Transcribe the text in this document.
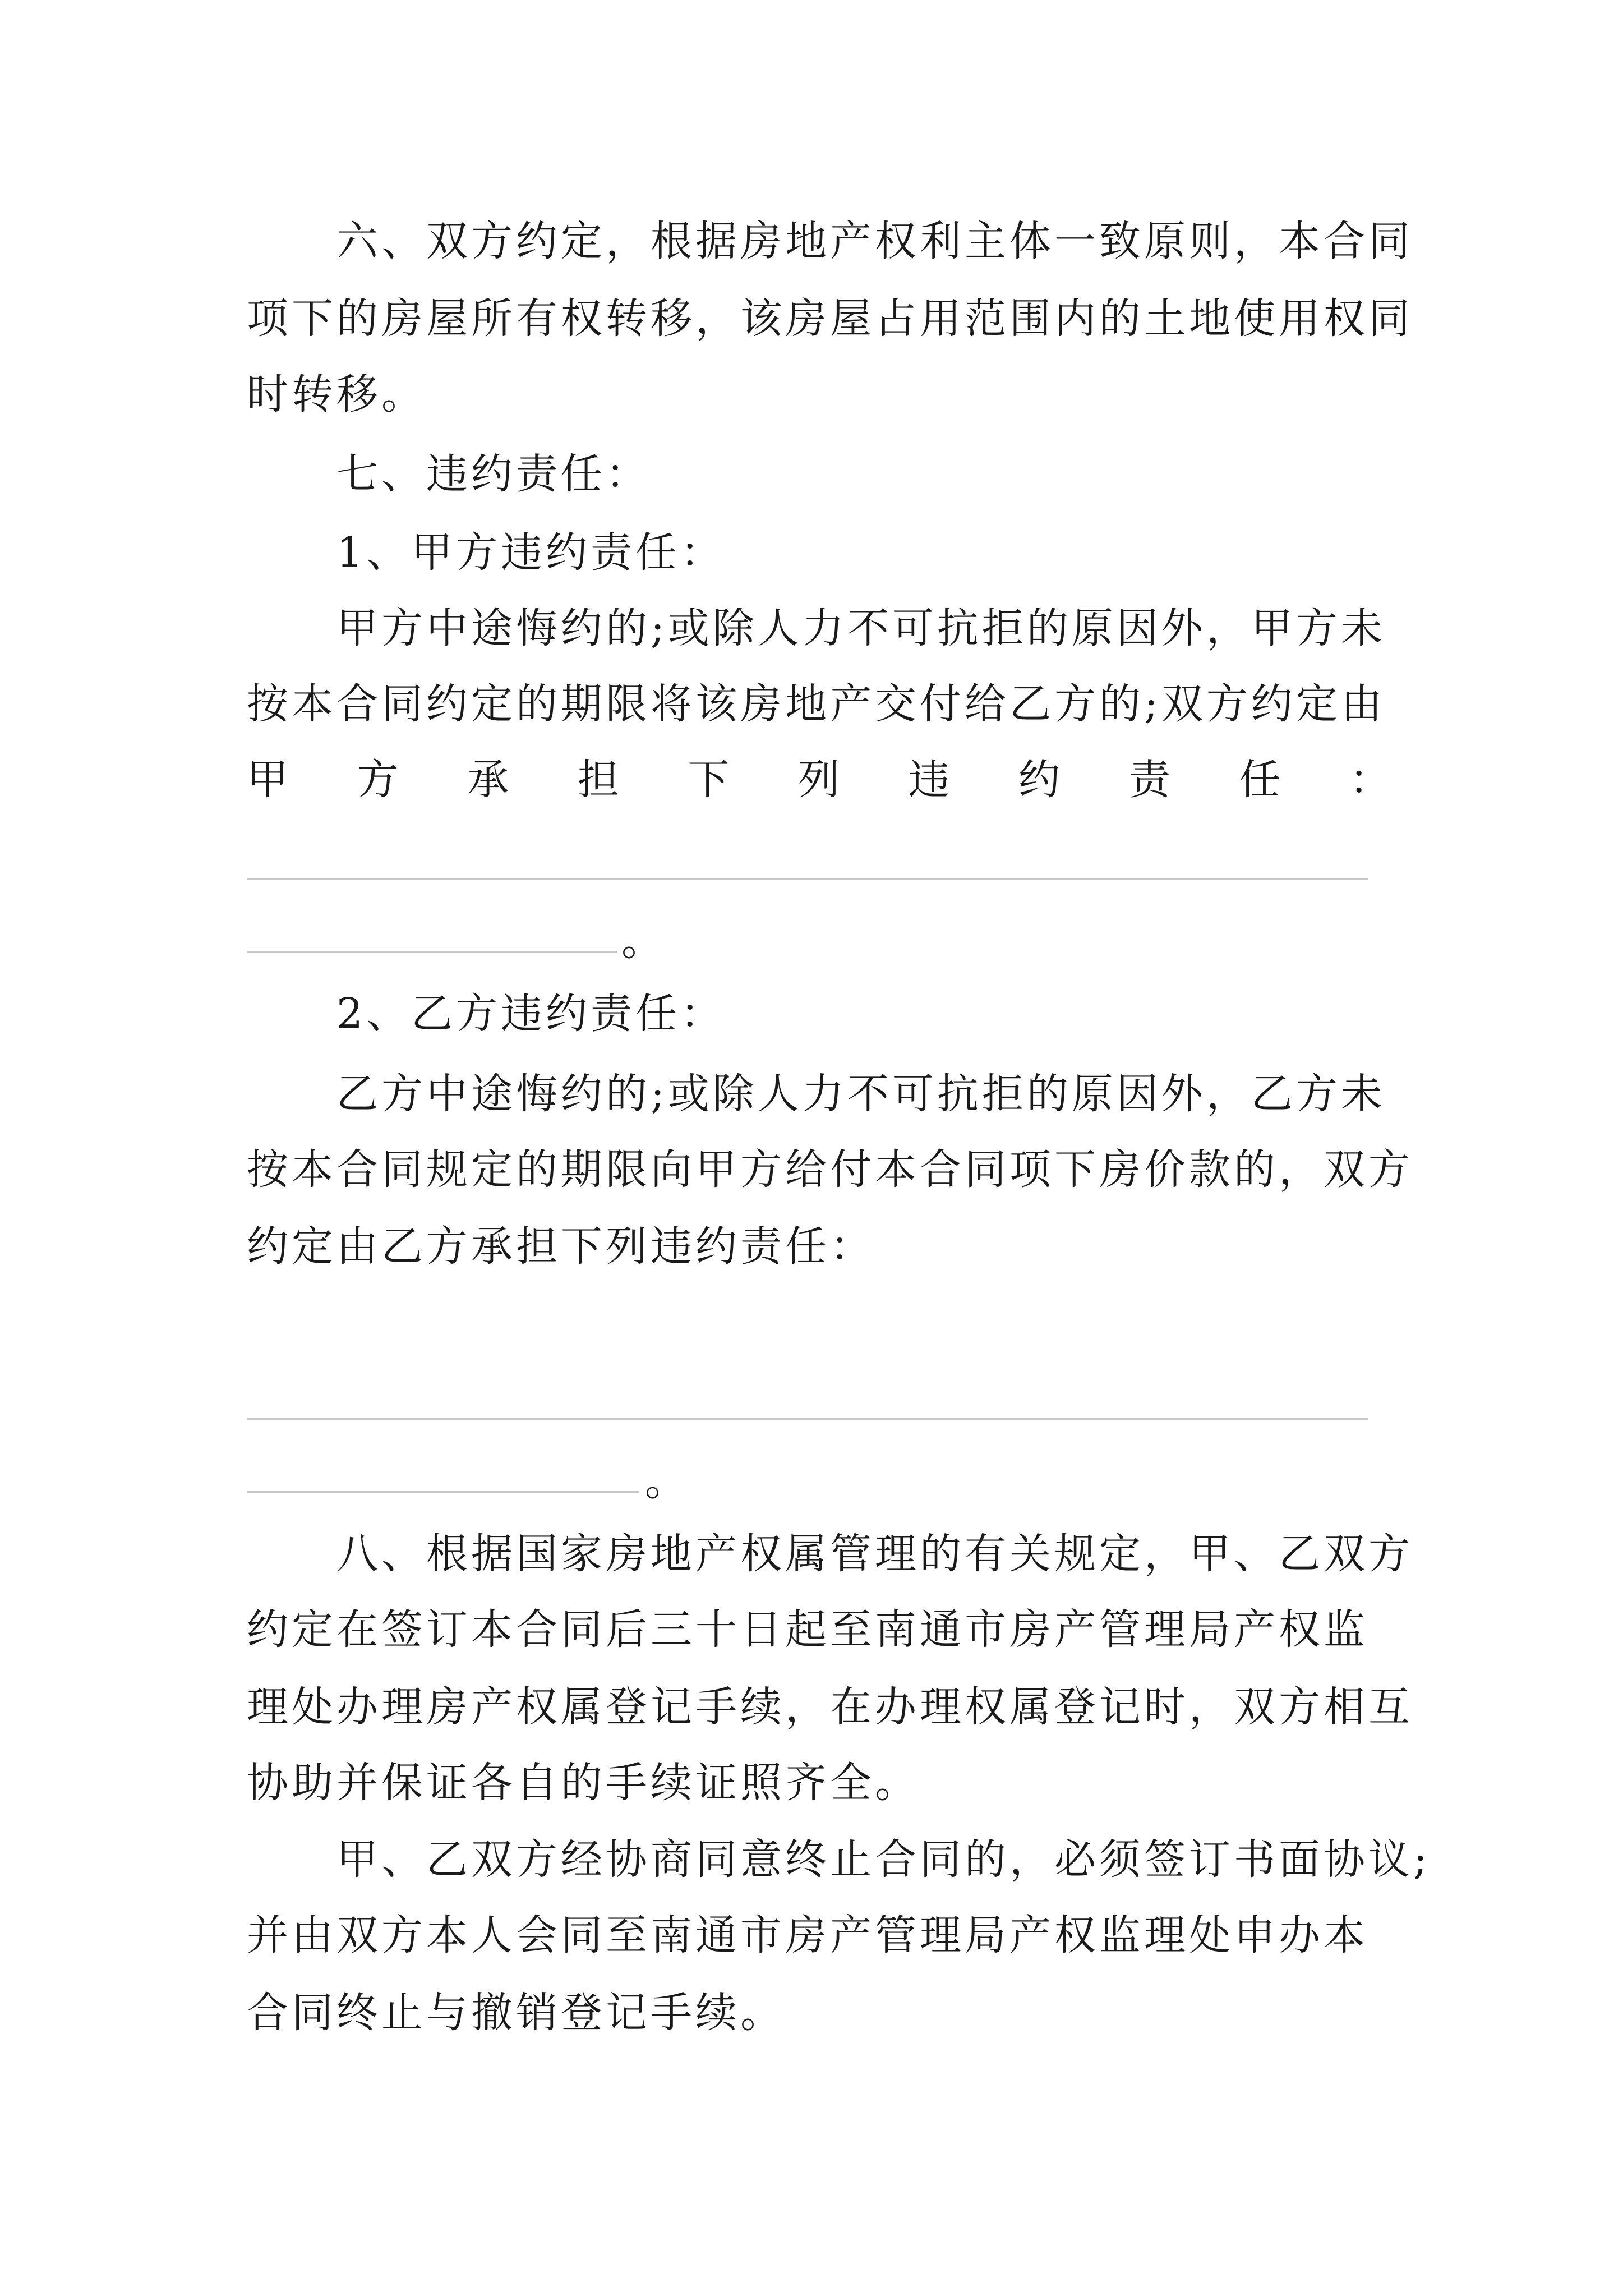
六、双方约定，根据房地产权利主体一致原则，本合同
项下的房屋所有权转移，该房屋占用范围内的土地使用权同
时转移。
七、违约责任：
1、甲方违约责任：
甲方中途悔约的;或除人力不可抗拒的原因外，甲方未
按本合同约定的期限将该房地产交付给乙方的;双方约定由
甲 方 承 担 下 列 违 约 责 任 ：
。
2、乙方违约责任：
乙方中途悔约的;或除人力不可抗拒的原因外，乙方未
按本合同规定的期限向甲方给付本合同项下房价款的，双方
约定由乙方承担下列违约责任：
。
八、根据国家房地产权属管理的有关规定，甲、乙双方
约定在签订本合同后三十日起至南通市房产管理局产权监
理处办理房产权属登记手续，在办理权属登记时，双方相互
协助并保证各自的手续证照齐全。
甲、乙双方经协商同意终止合同的，必须签订书面协议;
并由双方本人会同至南通市房产管理局产权监理处申办本
合同终止与撤销登记手续。
